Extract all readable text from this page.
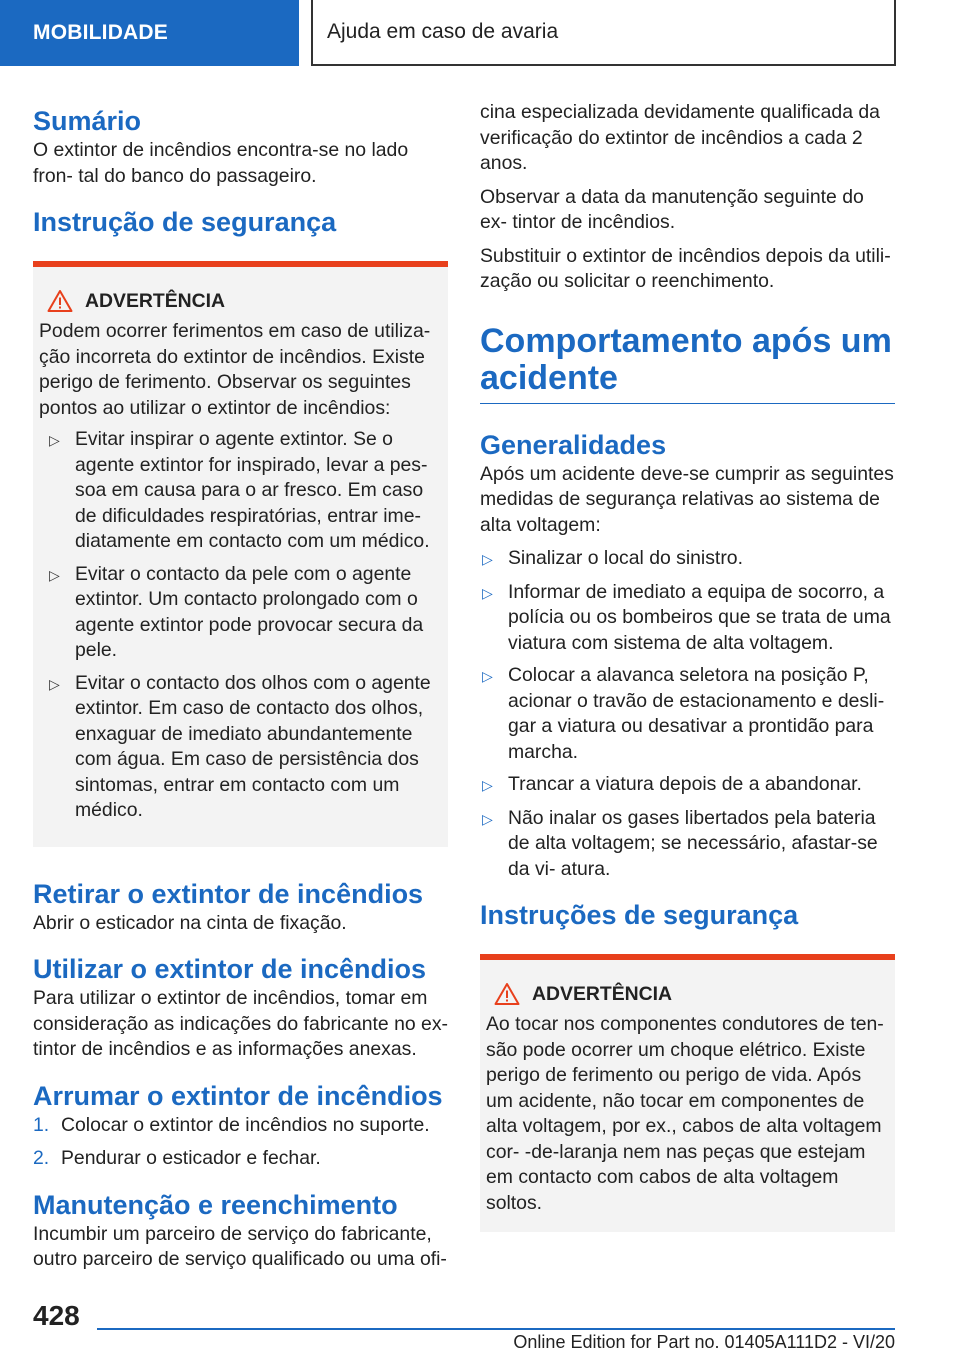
MOBILIDADE	Ajuda em caso de avaria
Sumário

O extintor de incêndios encontra-se no lado fron- tal do banco do passageiro.

Instrução de segurança
ADVERTÊNCIA

Podem ocorrer ferimentos em caso de utiliza- ção incorreta do extintor de incêndios. Existe perigo de ferimento. Observar os seguintes pontos ao utilizar o extintor de incêndios:

▷ Evitar inspirar o agente extintor. Se o agente extintor for inspirado, levar a pes- soa em causa para o ar fresco. Em caso de dificuldades respiratórias, entrar ime- diatamente em contacto com um médico.
▷ Evitar o contacto da pele com o agente extintor. Um contacto prolongado com o agente extintor pode provocar secura da pele.
▷ Evitar o contacto dos olhos com o agente extintor. Em caso de contacto dos olhos, enxaguar de imediato abundantemente com água. Em caso de persistência dos sintomas, entrar em contacto com um médico.
Retirar o extintor de incêndios

Abrir o esticador na cinta de fixação.

Utilizar o extintor de incêndios

Para utilizar o extintor de incêndios, tomar em consideração as indicações do fabricante no ex- tintor de incêndios e as informações anexas.

Arrumar o extintor de incêndios
1. Colocar o extintor de incêndios no suporte.
2. Pendurar o esticador e fechar.
Manutenção e reenchimento

Incumbir um parceiro de serviço do fabricante, outro parceiro de serviço qualificado ou uma ofi-

cina especializada devidamente qualificada da verificação do extintor de incêndios a cada 2 anos.

Observar a data da manutenção seguinte do ex- tintor de incêndios.

Substituir o extintor de incêndios depois da utili- zação ou solicitar o reenchimento.

Comportamento após um acidente
Generalidades

Após um acidente deve-se cumprir as seguintes medidas de segurança relativas ao sistema de alta voltagem:

▷ Sinalizar o local do sinistro.
▷ Informar de imediato a equipa de socorro, a polícia ou os bombeiros que se trata de uma viatura com sistema de alta voltagem.
▷ Colocar a alavanca seletora na posição P, acionar o travão de estacionamento e desli- gar a viatura ou desativar a prontidão para marcha.
▷ Trancar a viatura depois de a abandonar.
▷ Não inalar os gases libertados pela bateria de alta voltagem; se necessário, afastar-se da vi- atura.
Instruções de segurança
ADVERTÊNCIA

Ao tocar nos componentes condutores de ten- são pode ocorrer um choque elétrico. Existe perigo de ferimento ou perigo de vida. Após um acidente, não tocar em componentes de alta voltagem, por ex., cabos de alta voltagem cor- -de-laranja nem nas peças que estejam em contacto com cabos de alta voltagem soltos.

428
Online Edition for Part no. 01405A111D2 - VI/20
